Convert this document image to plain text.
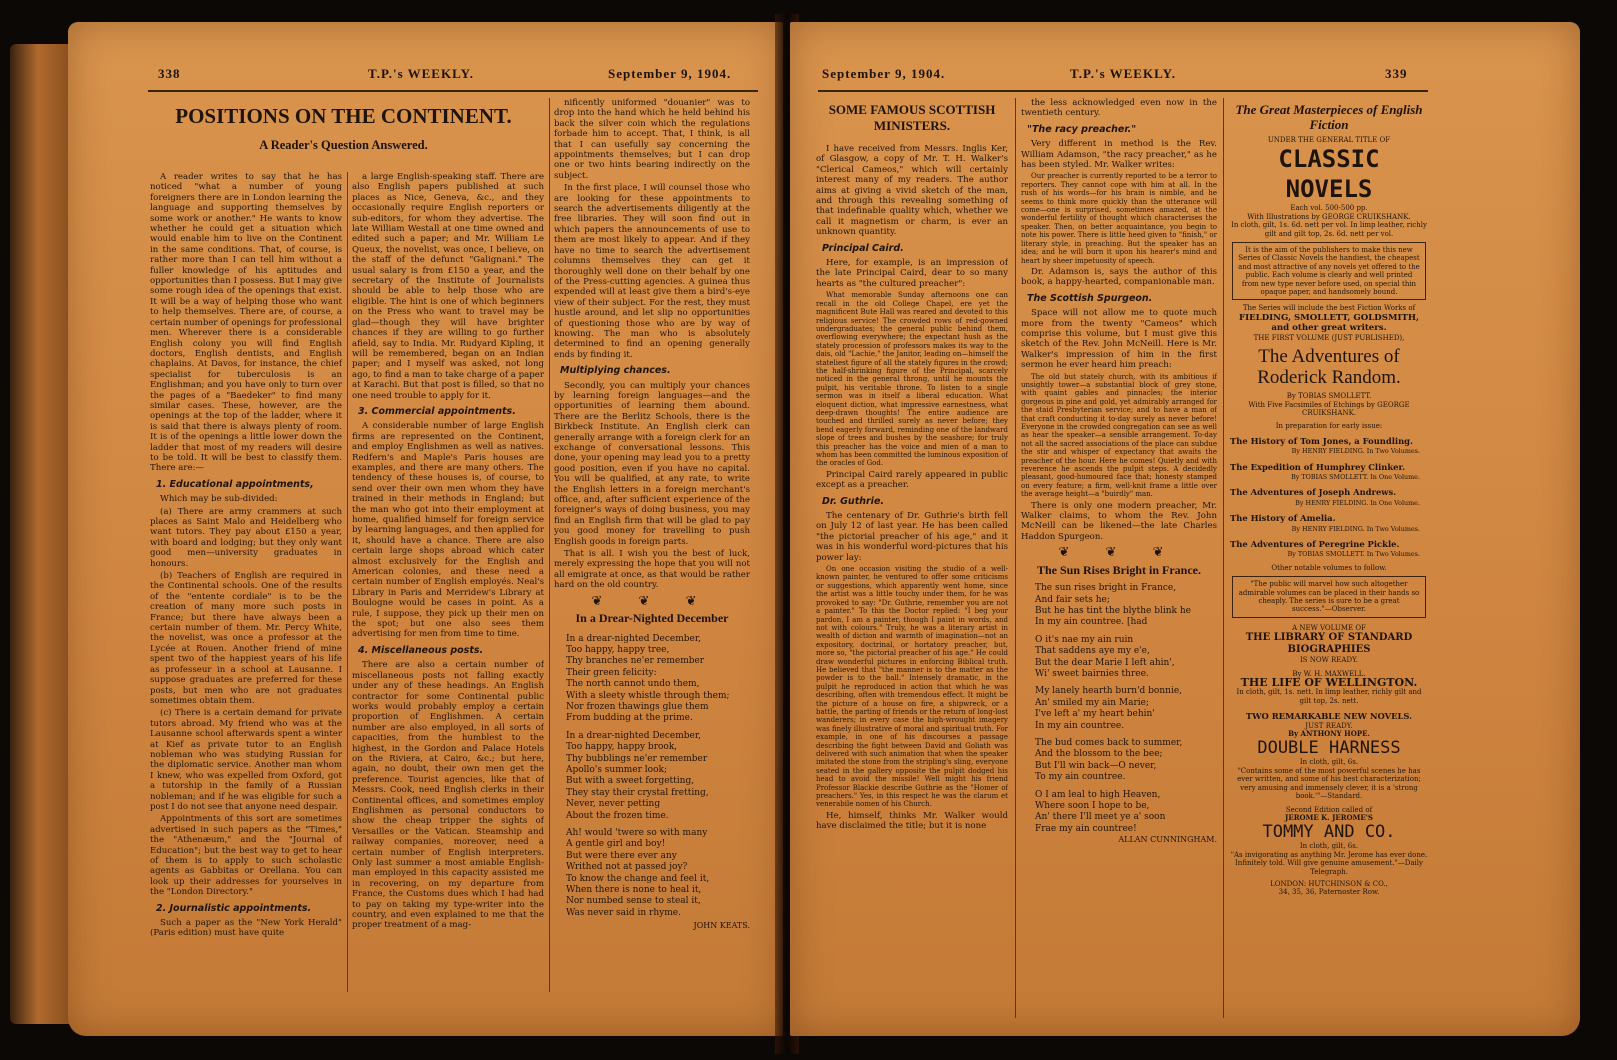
338	T.P.'s WEEKLY.	September 9, 1904.
POSITIONS ON THE CONTINENT.
A Reader's Question Answered.

A reader writes to say that he has noticed "what a number of young foreigners there are in London learning the language and supporting themselves by some work or another." He wants to know whether he could get a situation which would enable him to live on the Continent in the same conditions. That, of course, is rather more than I can tell him without a fuller knowledge of his aptitudes and opportunities than I possess. But I may give some rough idea of the openings that exist. It will be a way of helping those who want to help themselves. There are, of course, a certain number of openings for professional men. Wherever there is a considerable English colony you will find English doctors, English dentists, and English chaplains. At Davos, for instance, the chief specialist for tuberculosis is an Englishman; and you have only to turn over the pages of a "Baedeker" to find many similar cases. These, however, are the openings at the top of the ladder, where it is said that there is always plenty of room. It is of the openings a little lower down the ladder that most of my readers will desire to be told. It will be best to classify them. There are:—

1. Educational appointments,

Which may be sub-divided:

(a) There are army crammers at such places as Saint Malo and Heidelberg who want tutors. They pay about £150 a year, with board and lodging; but they only want good men—university graduates in honours.

(b) Teachers of English are required in the Continental schools. One of the results of the "entente cordiale" is to be the creation of many more such posts in France; but there have always been a certain number of them. Mr. Percy White, the novelist, was once a professor at the Lycée at Rouen. Another friend of mine spent two of the happiest years of his life as professeur in a school at Lausanne. I suppose graduates are preferred for these posts, but men who are not graduates sometimes obtain them.

(c) There is a certain demand for private tutors abroad. My friend who was at the Lausanne school afterwards spent a winter at Kief as private tutor to an English nobleman who was studying Russian for the diplomatic service. Another man whom I knew, who was expelled from Oxford, got a tutorship in the family of a Russian nobleman; and if he was eligible for such a post I do not see that anyone need despair.

Appointments of this sort are sometimes advertised in such papers as the "Times," the "Athenæum," and the "Journal of Education"; but the best way to get to hear of them is to apply to such scholastic agents as Gabbitas or Orellana. You can look up their addresses for yourselves in the "London Directory."

2. Journalistic appointments.

Such a paper as the "New York Herald" (Paris edition) must have quite

a large English-speaking staff. There are also English papers published at such places as Nice, Geneva, &c., and they occasionally require English reporters or sub-editors, for whom they advertise. The late William Westall at one time owned and edited such a paper; and Mr. William Le Queux, the novelist, was once, I believe, on the staff of the defunct "Galignani." The usual salary is from £150 a year, and the secretary of the Institute of Journalists should be able to help those who are eligible. The hint is one of which beginners on the Press who want to travel may be glad—though they will have brighter chances if they are willing to go further afield, say to India. Mr. Rudyard Kipling, it will be remembered, began on an Indian paper; and I myself was asked, not long ago, to find a man to take charge of a paper at Karachi. But that post is filled, so that no one need trouble to apply for it.

3. Commercial appointments.

A considerable number of large English firms are represented on the Continent, and employ Englishmen as well as natives. Redfern's and Maple's Paris houses are examples, and there are many others. The tendency of these houses is, of course, to send over their own men whom they have trained in their methods in England; but the man who got into their employment at home, qualified himself for foreign service by learning languages, and then applied for it, should have a chance. There are also certain large shops abroad which cater almost exclusively for the English and American colonies, and these need a certain number of English employés. Neal's Library in Paris and Merridew's Library at Boulogne would be cases in point. As a rule, I suppose, they pick up their men on the spot; but one also sees them advertising for men from time to time.

4. Miscellaneous posts.

There are also a certain number of miscellaneous posts not falling exactly under any of these headings. An English contractor for some Continental public works would probably employ a certain proportion of Englishmen. A certain number are also employed, in all sorts of capacities, from the humblest to the highest, in the Gordon and Palace Hotels on the Riviera, at Cairo, &c.; but here, again, no doubt, their own men get the preference. Tourist agencies, like that of Messrs. Cook, need English clerks in their Continental offices, and sometimes employ Englishmen as personal conductors to show the cheap tripper the sights of Versailles or the Vatican. Steamship and railway companies, moreover, need a certain number of English interpreters. Only last summer a most amiable English-man employed in this capacity assisted me in recovering, on my departure from France, the Customs dues which I had had to pay on taking my type-writer into the country, and even explained to me that the proper treatment of a mag-

nificently uniformed "douanier" was to drop into the hand which he held behind his back the silver coin which the regulations forbade him to accept. That, I think, is all that I can usefully say concerning the appointments themselves; but I can drop one or two hints bearing indirectly on the subject.

In the first place, I will counsel those who are looking for these appointments to search the advertisements diligently at the free libraries. They will soon find out in which papers the announcements of use to them are most likely to appear. And if they have no time to search the advertisement columns themselves they can get it thoroughly well done on their behalf by one of the Press-cutting agencies. A guinea thus expended will at least give them a bird's-eye view of their subject. For the rest, they must hustle around, and let slip no opportunities of questioning those who are by way of knowing. The man who is absolutely determined to find an opening generally ends by finding it.

Multiplying chances.

Secondly, you can multiply your chances by learning foreign languages—and the opportunities of learning them abound. There are the Berlitz Schools, there is the Birkbeck Institute. An English clerk can generally arrange with a foreign clerk for an exchange of conversational lessons. This done, your opening may lead you to a pretty good position, even if you have no capital. You will be qualified, at any rate, to write the English letters in a foreign merchant's office, and, after sufficient experience of the foreigner's ways of doing business, you may find an English firm that will be glad to pay you good money for travelling to push English goods in foreign parts.

That is all. I wish you the best of luck, merely expressing the hope that you will not all emigrate at once, as that would be rather hard on the old country.

❦ ❦ ❦
In a Drear-Nighted December
In a drear-nighted December,
Too happy, happy tree,
Thy branches ne'er remember
Their green felicity:
The north cannot undo them,
With a sleety whistle through them;
Nor frozen thawings glue them
From budding at the prime.

In a drear-nighted December,
Too happy, happy brook,
Thy bubblings ne'er remember
Apollo's summer look;
But with a sweet forgetting,
They stay their crystal fretting,
Never, never petting
About the frozen time.

Ah! would 'twere so with many
A gentle girl and boy!
But were there ever any
Writhed not at passed joy?
To know the change and feel it,
When there is none to heal it,
Nor numbed sense to steal it,
Was never said in rhyme.
JOHN KEATS.
September 9, 1904.	T.P.'s WEEKLY.	339
SOME FAMOUS SCOTTISH MINISTERS.

I have received from Messrs. Inglis Ker, of Glasgow, a copy of Mr. T. H. Walker's "Clerical Cameos," which will certainly interest many of my readers. The author aims at giving a vivid sketch of the man, and through this revealing something of that indefinable quality which, whether we call it magnetism or charm, is ever an unknown quantity.

Principal Caird.

Here, for example, is an impression of the late Principal Caird, dear to so many hearts as "the cultured preacher":

What memorable Sunday afternoons one can recall in the old College Chapel, ere yet the magnificent Bute Hall was reared and devoted to this religious service! The crowded rows of red-gowned undergraduates; the general public behind them, overflowing everywhere; the expectant hush as the stately procession of professors makes its way to the dais, old "Lachie," the Janitor, leading on—himself the stateliest figure of all the stately figures in the crowd; the half-shrinking figure of the Principal, scarcely noticed in the general throng, until he mounts the pulpit, his veritable throne. To listen to a single sermon was in itself a liberal education. What eloquent diction, what impressive earnestness, what deep-drawn thoughts! The entire audience are touched and thrilled surely as never before; they bend eagerly forward, reminding one of the landward slope of trees and bushes by the seashore; for truly this preacher has the voice and mien of a man to whom has been committed the luminous exposition of the oracles of God.

Principal Caird rarely appeared in public except as a preacher.

Dr. Guthrie.

The centenary of Dr. Guthrie's birth fell on July 12 of last year. He has been called "the pictorial preacher of his age," and it was in his wonderful word-pictures that his power lay:

On one occasion visiting the studio of a well-known painter, he ventured to offer some criticisms or suggestions, which apparently went home, since the artist was a little touchy under them, for he was provoked to say: "Dr. Guthrie, remember you are not a painter." To this the Doctor replied: "I beg your pardon, I am a painter, though I paint in words, and not with colours." Truly, he was a literary artist in wealth of diction and warmth of imagination—not an expository, doctrinal, or hortatory preacher, but, more so, "the pictorial preacher of his age." He could draw wonderful pictures in enforcing Biblical truth. He believed that "the manner is to the matter as the powder is to the ball." Intensely dramatic, in the pulpit he reproduced in action that which he was describing, often with tremendous effect. It might be the picture of a house on fire, a shipwreck, or a battle, the parting of friends or the return of long-lost wanderers; in every case the high-wrought imagery was finely illustrative of moral and spiritual truth. For example, in one of his discourses a passage describing the fight between David and Goliath was delivered with such animation that when the speaker imitated the stone from the stripling's sling, everyone seated in the gallery opposite the pulpit dodged his head to avoid the missile! Well might his friend Professor Blackie describe Guthrie as the "Homer of preachers." Yes, in this respect he was the clarum et venerabile nomen of his Church.

He, himself, thinks Mr. Walker would have disclaimed the title; but it is none

the less acknowledged even now in the twentieth century.

"The racy preacher."

Very different in method is the Rev. William Adamson, "the racy preacher," as he has been styled. Mr. Walker writes:

Our preacher is currently reported to be a terror to reporters. They cannot cope with him at all. In the rush of his words—for his brain is nimble, and he seems to think more quickly than the utterance will come—one is surprised, sometimes amazed, at the wonderful fertility of thought which characterises the speaker. Then, on better acquaintance, you begin to note his power. There is little heed given to "finish," or literary style, in preaching. But the speaker has an idea; and he will burn it upon his hearer's mind and heart by sheer impetuosity of speech.

Dr. Adamson is, says the author of this book, a happy-hearted, companionable man.

The Scottish Spurgeon.

Space will not allow me to quote much more from the twenty "Cameos" which comprise this volume, but I must give this sketch of the Rev. John McNeill. Here is Mr. Walker's impression of him in the first sermon he ever heard him preach:

The old but stately church, with its ambitious if unsightly tower—a substantial block of grey stone, with quaint gables and pinnacles; the interior gorgeous in pine and gold, yet admirably arranged for the staid Presbyterian service; and to have a man of that craft conducting it to-day surely as never before! Everyone in the crowded congregation can see as well as hear the speaker—a sensible arrangement. To-day not all the sacred associations of the place can subdue the stir and whisper of expectancy that awaits the preacher of the hour. Here he comes! Quietly and with reverence he ascends the pulpit steps. A decidedly pleasant, good-humoured face that; honesty stamped on every feature; a firm, well-knit frame a little over the average height—a "buirdly" man.

There is only one modern preacher, Mr. Walker claims, to whom the Rev. John McNeill can be likened—the late Charles Haddon Spurgeon.

❦ ❦ ❦
The Sun Rises Bright in France.
The sun rises bright in France,
And fair sets he;
But he has tint the blythe blink he
In my ain countree. [had

O it's nae my ain ruin
That saddens aye my e'e,
But the dear Marie I left ahin',
Wi' sweet bairnies three.

My lanely hearth burn'd bonnie,
An' smiled my ain Marie;
I've left a' my heart behin'
In my ain countree.

The bud comes back to summer,
And the blossom to the bee;
But I'll win back—O never,
To my ain countree.

O I am leal to high Heaven,
Where soon I hope to be,
An' there I'll meet ye a' soon
Frae my ain countree!
ALLAN CUNNINGHAM.
The Great Masterpieces of English Fiction
UNDER THE GENERAL TITLE OF
CLASSIC NOVELS
Each vol. 500-500 pp.
With Illustrations by GEORGE CRUIKSHANK.
In cloth, gilt, 1s. 6d. nett per vol. In limp leather, richly gilt and gilt top, 2s. 6d. nett per vol.
It is the aim of the publishers to make this new Series of Classic Novels the handiest, the cheapest and most attractive of any novels yet offered to the public. Each volume is clearly and well printed from new type never before used, on special thin opaque paper, and handsomely bound.
The Series will include the best Fiction Works of
FIELDING, SMOLLETT, GOLDSMITH, and other great writers.
THE FIRST VOLUME (JUST PUBLISHED),
The Adventures of Roderick Random.
By TOBIAS SMOLLETT.
With Five Facsimiles of Etchings by GEORGE CRUIKSHANK.
In preparation for early issue:
The History of Tom Jones, a Foundling.
By HENRY FIELDING. In Two Volumes.
The Expedition of Humphrey Clinker.
By TOBIAS SMOLLETT. In One Volume.
The Adventures of Joseph Andrews.
By HENRY FIELDING. In One Volume.
The History of Amelia.
By HENRY FIELDING. In Two Volumes.
The Adventures of Peregrine Pickle.
By TOBIAS SMOLLETT. In Two Volumes.
Other notable volumes to follow.
"The public will marvel how such altogether admirable volumes can be placed in their hands so cheaply. The series is sure to be a great success."—Observer.
A NEW VOLUME OF
THE LIBRARY OF STANDARD BIOGRAPHIES
IS NOW READY.
By W. H. MAXWELL.
THE LIFE OF WELLINGTON.
In cloth, gilt, 1s. nett. In limp leather, richly gilt and gilt top, 2s. nett.
TWO REMARKABLE NEW NOVELS.
JUST READY.
By ANTHONY HOPE.
DOUBLE HARNESS
In cloth, gilt, 6s.
"Contains some of the most powerful scenes he has ever written, and some of his best characterization; very amusing and immensely clever, it is a 'strong book.'"—Standard.
Second Edition called of
JEROME K. JEROME'S
TOMMY AND CO.
In cloth, gilt, 6s.
"As invigorating as anything Mr. Jerome has ever done. Infinitely told. Will give genuine amusement."—Daily Telegraph.
LONDON: HUTCHINSON & CO.,
34, 35, 36, Paternoster Row.
